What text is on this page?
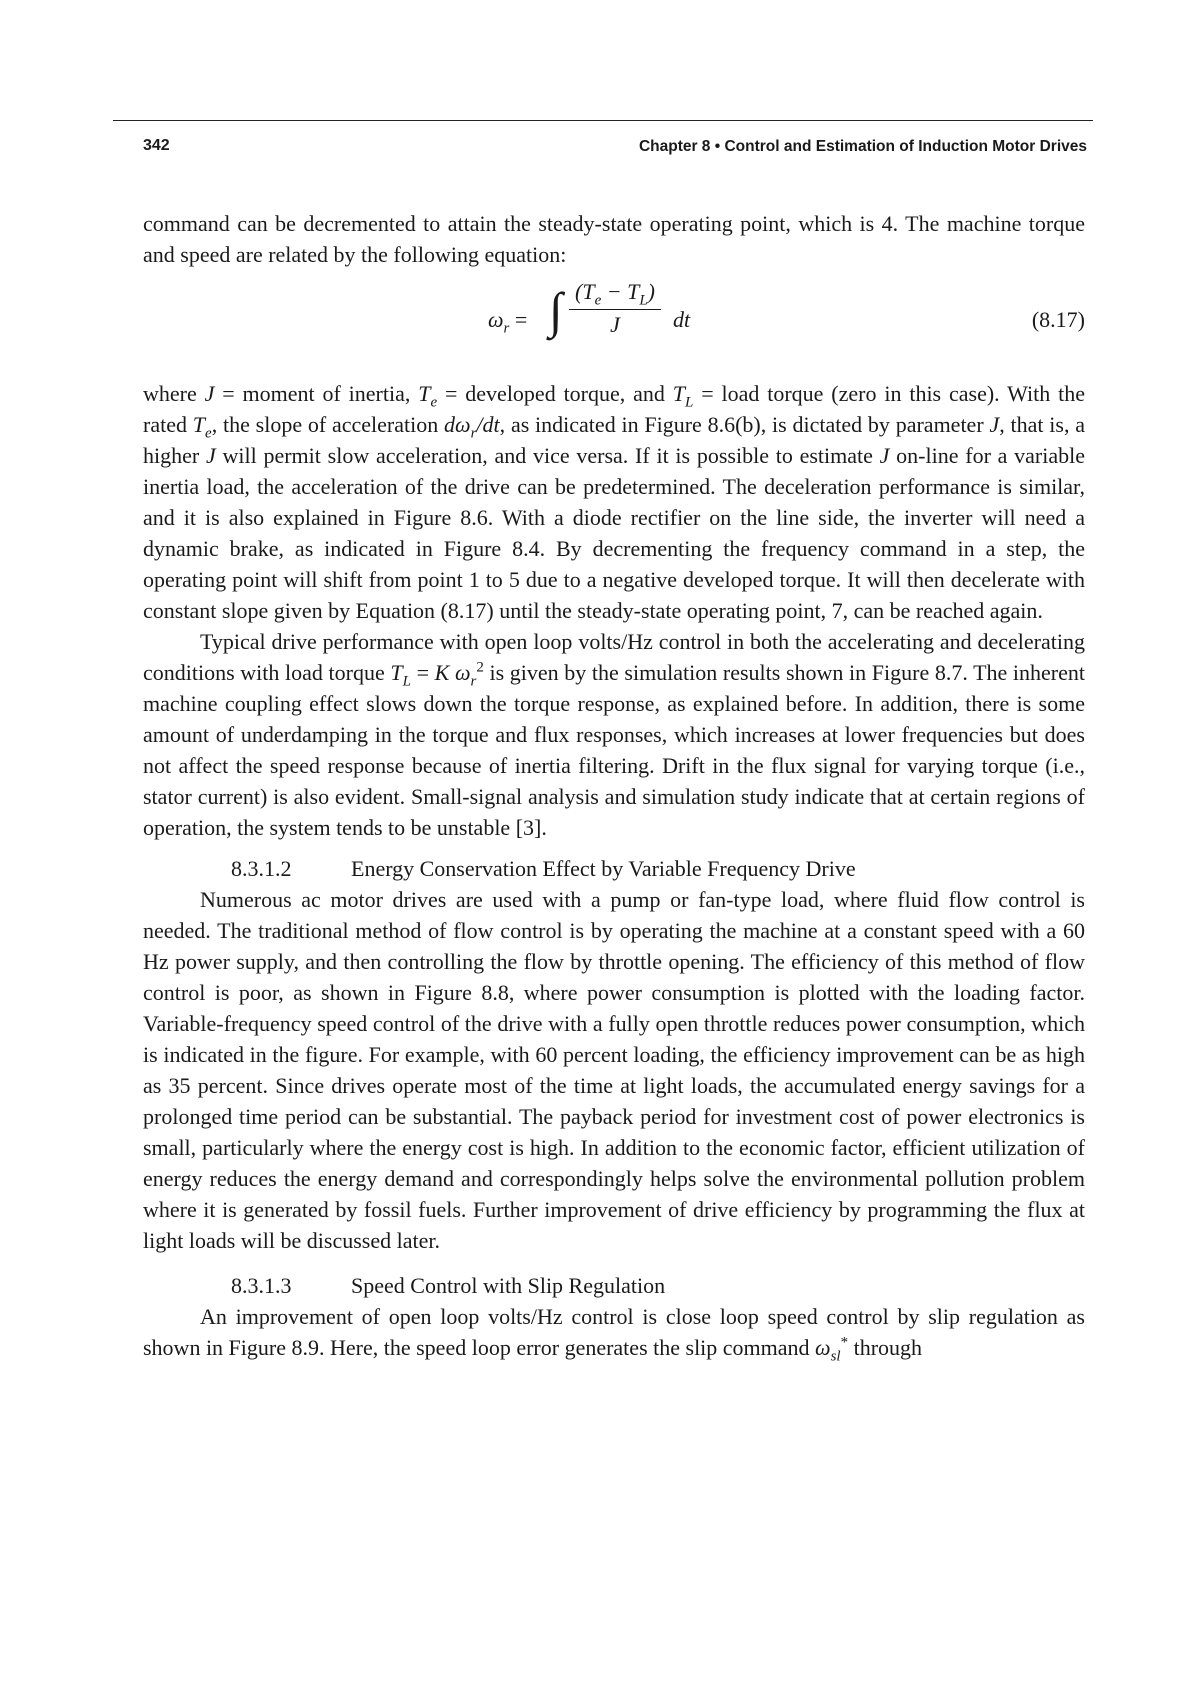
342	Chapter 8 • Control and Estimation of Induction Motor Drives

command can be decremented to attain the steady-state operating point, which is 4. The machine torque and speed are related by the following equation:

$\omega_r$ = ∫ $\frac{(T_e - T_L)}{J}$ dt	(8.17)

where J = moment of inertia, $T_e$ = developed torque, and $T_L$ = load torque (zero in this case). With the rated $T_e$, the slope of acceleration $d\omega_r/dt$, as indicated in Figure 8.6(b), is dictated by parameter J, that is, a higher J will permit slow acceleration, and vice versa. If it is possible to estimate J on-line for a variable inertia load, the acceleration of the drive can be predetermined. The deceleration performance is similar, and it is also explained in Figure 8.6. With a diode rectifier on the line side, the inverter will need a dynamic brake, as indicated in Figure 8.4. By decrementing the frequency command in a step, the operating point will shift from point 1 to 5 due to a negative developed torque. It will then decelerate with constant slope given by Equation (8.17) until the steady-state operating point, 7, can be reached again.

Typical drive performance with open loop volts/Hz control in both the accelerating and decelerating conditions with load torque $T_L = K$ $\omega_r^2$ is given by the simulation results shown in Figure 8.7. The inherent machine coupling effect slows down the torque response, as explained before. In addition, there is some amount of underdamping in the torque and flux responses, which increases at lower frequencies but does not affect the speed response because of inertia filtering. Drift in the flux signal for varying torque (i.e., stator current) is also evident. Small-signal analysis and simulation study indicate that at certain regions of operation, the system tends to be unstable [3].

8.3.1.2	Energy Conservation Effect by Variable Frequency Drive

Numerous ac motor drives are used with a pump or fan-type load, where fluid flow control is needed. The traditional method of flow control is by operating the machine at a constant speed with a 60 Hz power supply, and then controlling the flow by throttle opening. The efficiency of this method of flow control is poor, as shown in Figure 8.8, where power consumption is plotted with the loading factor. Variable-frequency speed control of the drive with a fully open throttle reduces power consumption, which is indicated in the figure. For example, with 60 percent loading, the efficiency improvement can be as high as 35 percent. Since drives operate most of the time at light loads, the accumulated energy savings for a prolonged time period can be substantial. The payback period for investment cost of power electronics is small, particularly where the energy cost is high. In addition to the economic factor, efficient utilization of energy reduces the energy demand and correspondingly helps solve the environmental pollution problem where it is generated by fossil fuels. Further improvement of drive efficiency by programming the flux at light loads will be discussed later.

8.3.1.3	Speed Control with Slip Regulation

An improvement of open loop volts/Hz control is close loop speed control by slip regulation as shown in Figure 8.9. Here, the speed loop error generates the slip command $\omega_{sl}^*$ through
